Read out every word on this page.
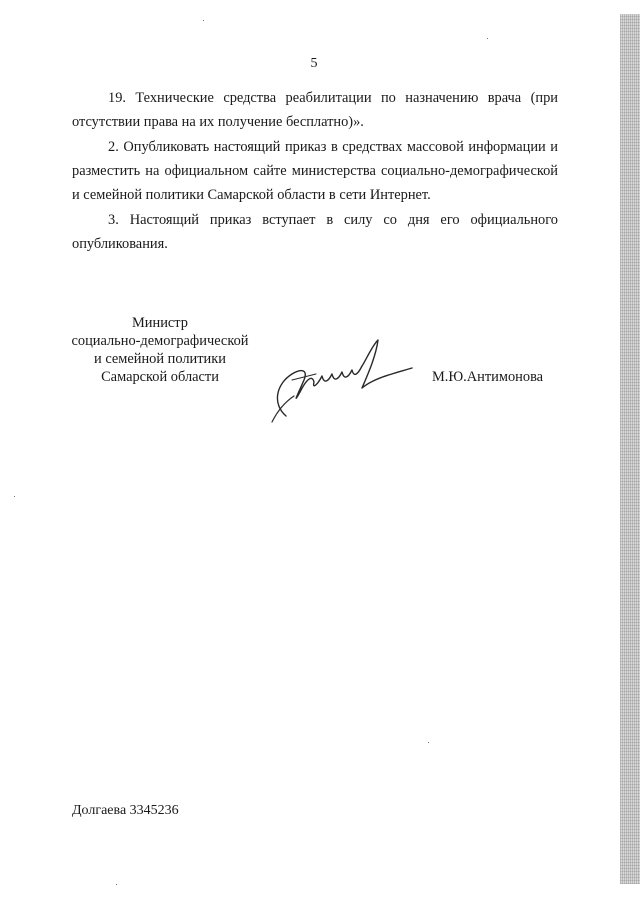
5

19. Технические средства реабилитации по назначению врача (при отсутствии права на их получение бесплатно)».

2. Опубликовать настоящий приказ в средствах массовой информации и разместить на официальном сайте министерства социально-демографической и семейной политики Самарской области в сети Интернет.

3. Настоящий приказ вступает в силу со дня его официального опубликования.

Министр
социально-демографической
и семейной политики
Самарской области	М.Ю.Антимонова
Долгаева 3345236
